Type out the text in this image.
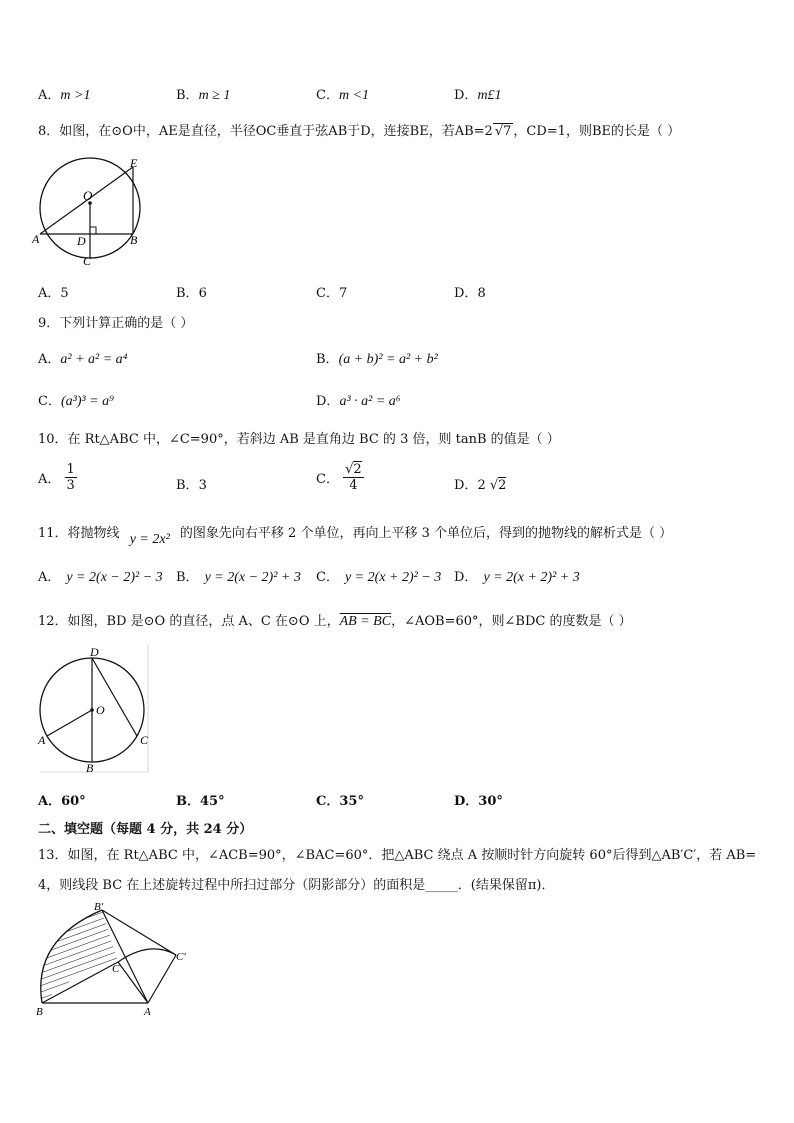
A．m >1	B．m ≥ 1	C．m <1	D．m£1
8．如图，在⊙O中，AE是直径，半径OC垂直于弦AB于D，连接BE，若AB=2 √7 ，CD=1，则BE的长是（ ）
O
E
A	B
D
C
A．5	B．6	C．7	D．8
9．下列计算正确的是（ ）
A．a² + a² = a⁴	B．(a + b)² = a² + b²
C．(a³)³ = a⁹	D．a³ · a² = a⁶
10．在 Rt△ABC 中，∠C=90°，若斜边 AB 是直角边 BC 的 3 倍，则 tanB 的值是（ ）
A． $\frac{1}{3}$	B．3	C． $\frac{√2}{4}$	D．2 √2
11．将抛物线 y = 2x² 的图象先向右平移 2 个单位，再向上平移 3 个单位后，得到的抛物线的解析式是（ ）
A． y = 2(x − 2)² − 3 B． y = 2(x − 2)² + 3 C． y = 2(x + 2)² − 3 D． y = 2(x + 2)² + 3
12．如图，BD 是⊙O 的直径，点 A、C 在⊙O 上，AB = BC，∠AOB=60°，则∠BDC 的度数是（ ）
D
O
A	C
B
A．60°	B．45°	C．35°	D．30°
二、填空题（每题 4 分，共 24 分）
13．如图，在 Rt△ABC 中，∠ACB=90°，∠BAC=60°．把△ABC 绕点 A 按顺时针方向旋转 60°后得到△AB′C′，若 AB=
4，则线段 BC 在上述旋转过程中所扫过部分（阴影部分）的面积是_____．(结果保留π)．
B′
C′
C
B	A
